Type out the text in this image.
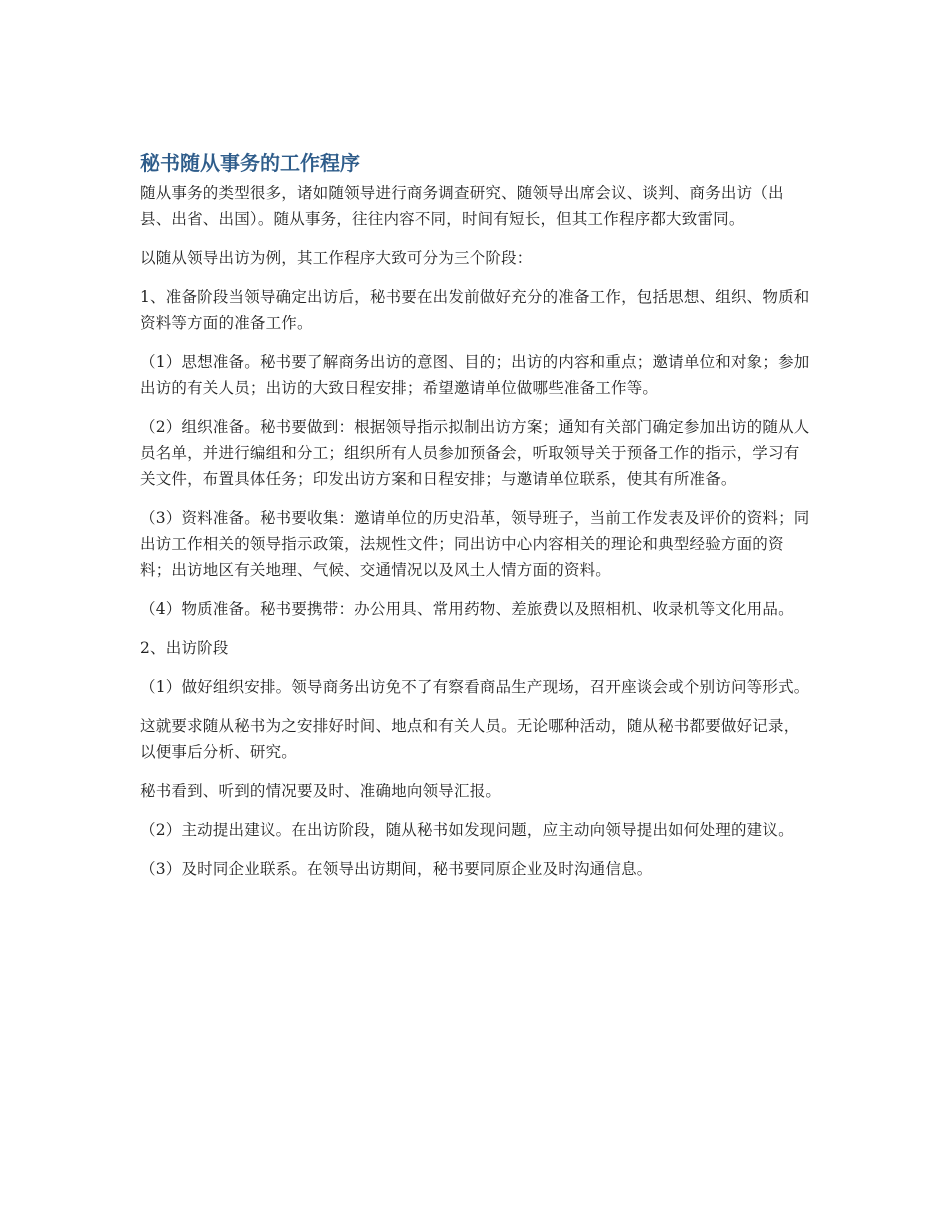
秘书随从事务的工作程序

随从事务的类型很多，诸如随领导进行商务调查研究、随领导出席会议、谈判、商务出访（出县、出省、出国）。随从事务，往往内容不同，时间有短长，但其工作程序都大致雷同。

以随从领导出访为例，其工作程序大致可分为三个阶段：

1、准备阶段当领导确定出访后，秘书要在出发前做好充分的准备工作，包括思想、组织、物质和资料等方面的准备工作。

（1）思想准备。秘书要了解商务出访的意图、目的；出访的内容和重点；邀请单位和对象；参加出访的有关人员；出访的大致日程安排；希望邀请单位做哪些准备工作等。

（2）组织准备。秘书要做到：根据领导指示拟制出访方案；通知有关部门确定参加出访的随从人员名单，并进行编组和分工；组织所有人员参加预备会，听取领导关于预备工作的指示，学习有关文件，布置具体任务；印发出访方案和日程安排；与邀请单位联系，使其有所准备。

（3）资料准备。秘书要收集：邀请单位的历史沿革，领导班子，当前工作发表及评价的资料；同出访工作相关的领导指示政策，法规性文件；同出访中心内容相关的理论和典型经验方面的资料；出访地区有关地理、气候、交通情况以及风土人情方面的资料。

（4）物质准备。秘书要携带：办公用具、常用药物、差旅费以及照相机、收录机等文化用品。

2、出访阶段

（1）做好组织安排。领导商务出访免不了有察看商品生产现场，召开座谈会或个别访问等形式。

这就要求随从秘书为之安排好时间、地点和有关人员。无论哪种活动，随从秘书都要做好记录，以便事后分析、研究。

秘书看到、听到的情况要及时、准确地向领导汇报。

（2）主动提出建议。在出访阶段，随从秘书如发现问题，应主动向领导提出如何处理的建议。

（3）及时同企业联系。在领导出访期间，秘书要同原企业及时沟通信息。
